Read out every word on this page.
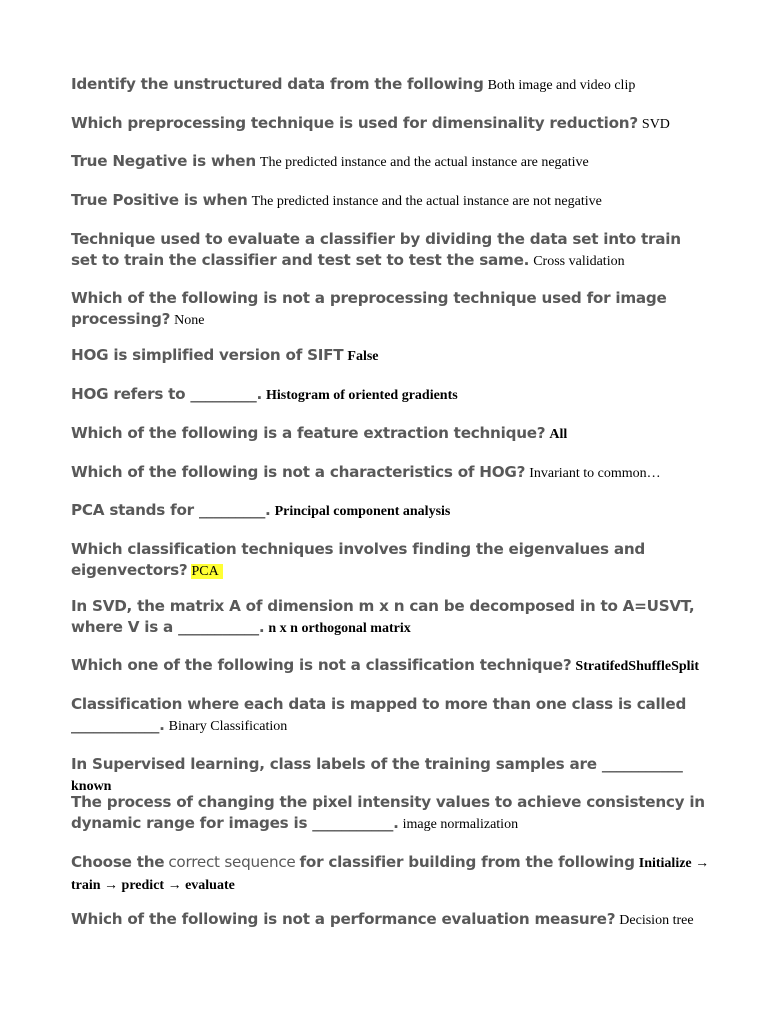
Identify the unstructured data from the following Both image and video clip

Which preprocessing technique is used for dimensinality reduction? SVD

True Negative is when The predicted instance and the actual instance are negative

True Positive is when The predicted instance and the actual instance are not negative

Technique used to evaluate a classifier by dividing the data set into train set to train the classifier and test set to test the same. Cross validation

Which of the following is not a preprocessing technique used for image processing? None

HOG is simplified version of SIFT False

HOG refers to _________. Histogram of oriented gradients

Which of the following is a feature extraction technique? All

Which of the following is not a characteristics of HOG? Invariant to common…

PCA stands for _________. Principal component analysis

Which classification techniques involves finding the eigenvalues and eigenvectors? PCA

In SVD, the matrix A of dimension m x n can be decomposed in to A=USVT, where V is a ___________. n x n orthogonal matrix

Which one of the following is not a classification technique? StratifedShuffleSplit

Classification where each data is mapped to more than one class is called ____________. Binary Classification

In Supervised learning, class labels of the training samples are ___________ known

The process of changing the pixel intensity values to achieve consistency in dynamic range for images is ___________. image normalization

Choose the correct sequence for classifier building from the following Initialize → train → predict → evaluate

Which of the following is not a performance evaluation measure? Decision tree
